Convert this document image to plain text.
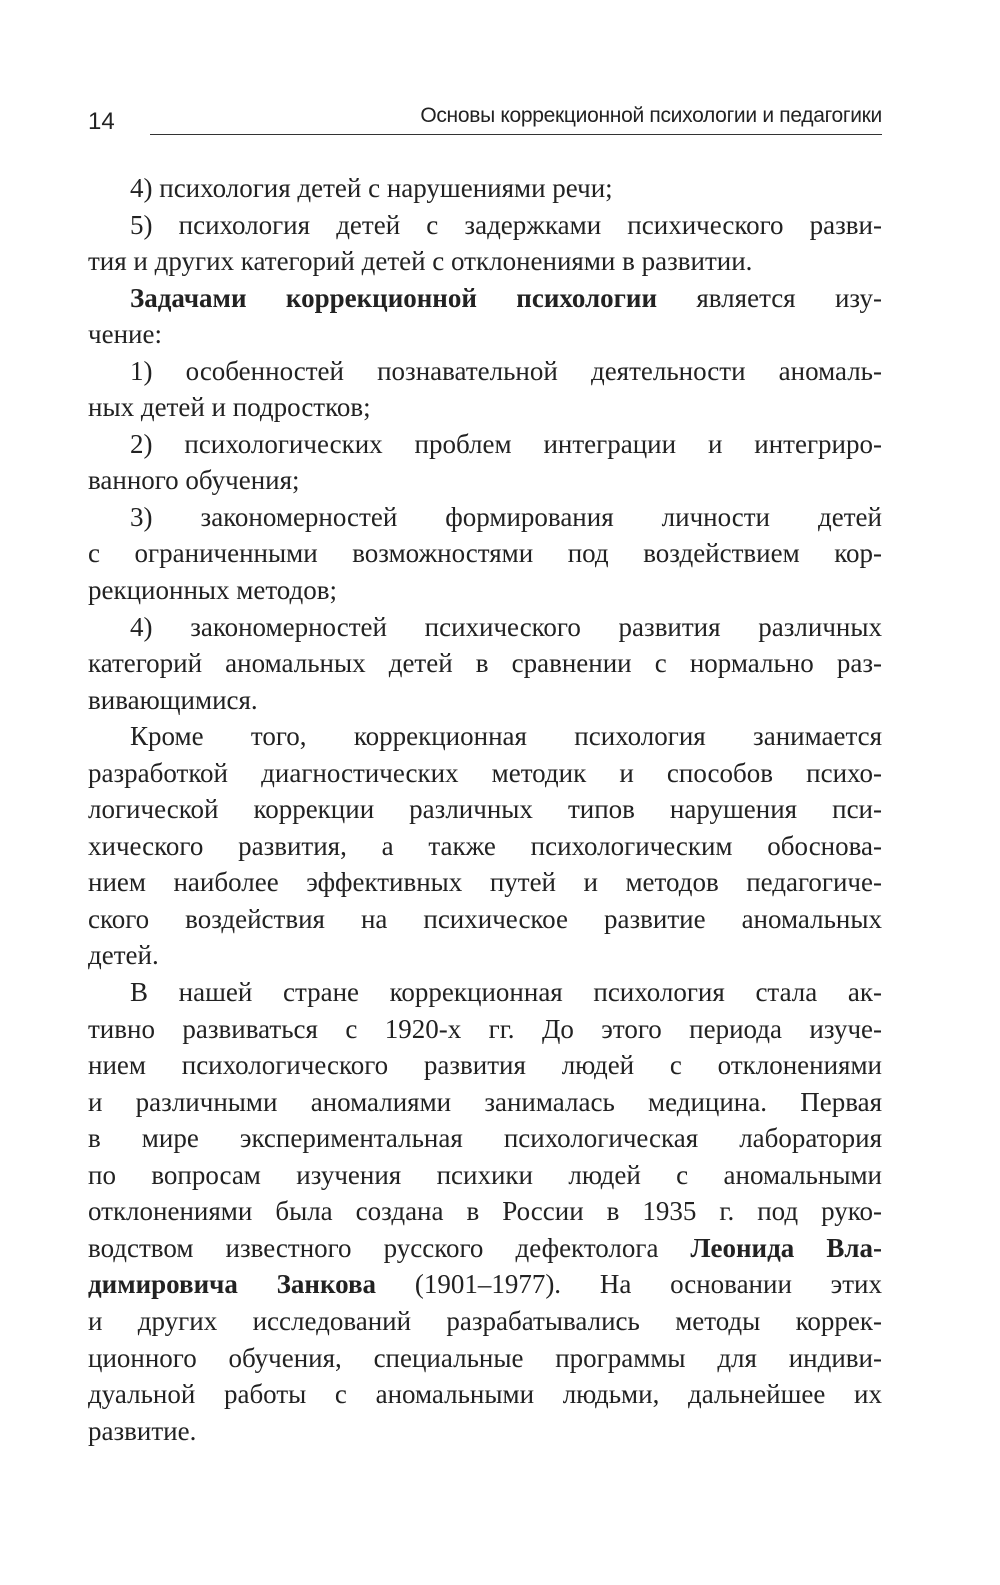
14	Основы коррекционной психологии и педагогики
4) психология детей с нарушениями речи;
5) психология детей с задержками психического разви-
тия и других категорий детей с отклонениями в развитии.
Задачами коррекционной психологии является изу-
чение:
1) особенностей познавательной деятельности аномаль-
ных детей и подростков;
2) психологических проблем интеграции и интегриро-
ванного обучения;
3) закономерностей формирования личности детей
с ограниченными возможностями под воздействием кор-
рекционных методов;
4) закономерностей психического развития различных
категорий аномальных детей в сравнении с нормально раз-
вивающимися.
Кроме того, коррекционная психология занимается
разработкой диагностических методик и способов психо-
логической коррекции различных типов нарушения пси-
хического развития, а также психологическим обоснова-
нием наиболее эффективных путей и методов педагогиче-
ского воздействия на психическое развитие аномальных
детей.
В нашей стране коррекционная психология стала ак-
тивно развиваться с 1920-х гг. До этого периода изуче-
нием психологического развития людей с отклонениями
и различными аномалиями занималась медицина. Первая
в мире экспериментальная психологическая лаборатория
по вопросам изучения психики людей с аномальными
отклонениями была создана в России в 1935 г. под руко-
водством известного русского дефектолога Леонида Вла-
димировича Занкова (1901–1977). На основании этих
и других исследований разрабатывались методы коррек-
ционного обучения, специальные программы для индиви-
дуальной работы с аномальными людьми, дальнейшее их
развитие.
